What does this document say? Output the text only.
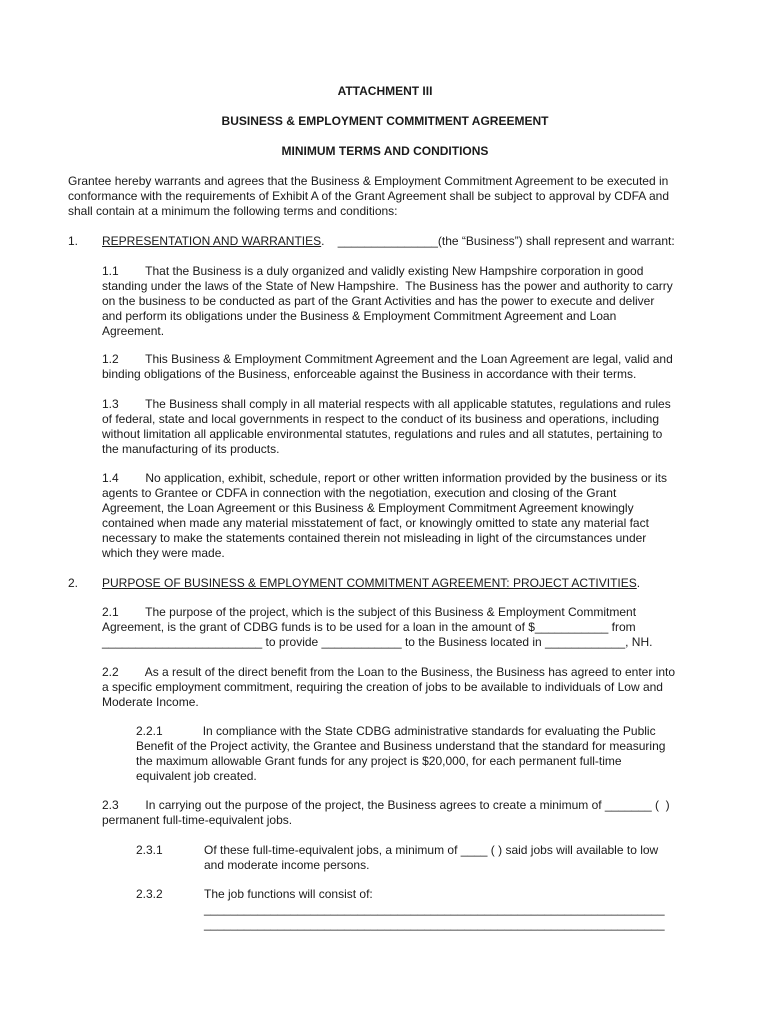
ATTACHMENT III
BUSINESS & EMPLOYMENT COMMITMENT AGREEMENT
MINIMUM TERMS AND CONDITIONS
Grantee hereby warrants and agrees that the Business & Employment Commitment Agreement to be executed in
conformance with the requirements of Exhibit A of the Grant Agreement shall be subject to approval by CDFA and
shall contain at a minimum the following terms and conditions:
1. REPRESENTATION AND WARRANTIES.    _______________(the “Business”) shall represent and warrant:
1.1        That the Business is a duly organized and validly existing New Hampshire corporation in good
standing under the laws of the State of New Hampshire.  The Business has the power and authority to carry
on the business to be conducted as part of the Grant Activities and has the power to execute and deliver
and perform its obligations under the Business & Employment Commitment Agreement and Loan
Agreement.
1.2        This Business & Employment Commitment Agreement and the Loan Agreement are legal, valid and
binding obligations of the Business, enforceable against the Business in accordance with their terms.
1.3        The Business shall comply in all material respects with all applicable statutes, regulations and rules
of federal, state and local governments in respect to the conduct of its business and operations, including
without limitation all applicable environmental statutes, regulations and rules and all statutes, pertaining to
the manufacturing of its products.
1.4        No application, exhibit, schedule, report or other written information provided by the business or its
agents to Grantee or CDFA in connection with the negotiation, execution and closing of the Grant
Agreement, the Loan Agreement or this Business & Employment Commitment Agreement knowingly
contained when made any material misstatement of fact, or knowingly omitted to state any material fact
necessary to make the statements contained therein not misleading in light of the circumstances under
which they were made.
2. PURPOSE OF BUSINESS & EMPLOYMENT COMMITMENT AGREEMENT: PROJECT ACTIVITIES.
2.1        The purpose of the project, which is the subject of this Business & Employment Commitment
Agreement, is the grant of CDBG funds is to be used for a loan in the amount of $___________ from
________________________ to provide ____________ to the Business located in ____________, NH.
2.2        As a result of the direct benefit from the Loan to the Business, the Business has agreed to enter into
a specific employment commitment, requiring the creation of jobs to be available to individuals of Low and
Moderate Income.
2.2.1            In compliance with the State CDBG administrative standards for evaluating the Public
Benefit of the Project activity, the Grantee and Business understand that the standard for measuring
the maximum allowable Grant funds for any project is $20,000, for each permanent full-time
equivalent job created.
2.3        In carrying out the purpose of the project, the Business agrees to create a minimum of _______ (  )
permanent full-time-equivalent jobs.
2.3.1	Of these full-time-equivalent jobs, a minimum of ____ ( ) said jobs will available to low
and moderate income persons.
2.3.2	The job functions will consist of:
_____________________________________________________________________
_____________________________________________________________________
